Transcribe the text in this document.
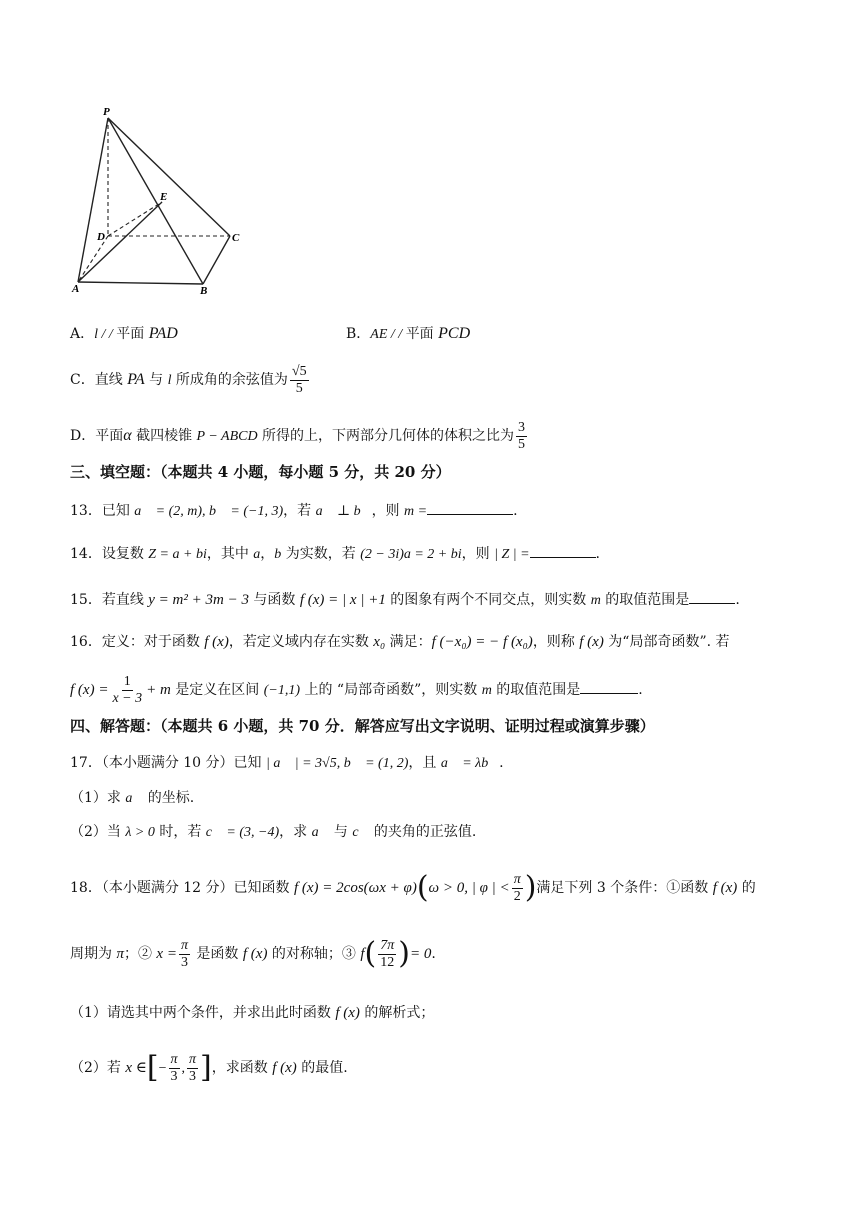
P
E
D	C
A	B
A．l / / 平面 PAD	B．AE / / 平面 PCD
C．直线 PA 与 l 所成角的余弦值为 $\frac{√5}{5}$
D．平面α 截四棱锥 P − ABCD 所得的上，下两部分几何体的体积之比为 $\frac{3}{5}$
三、填空题：（本题共 4 小题，每小题 5 分，共 20 分）
13．已知 a⃗ = (2, m), b⃗ = (−1, 3)，若 a⃗ ⊥ b⃗，则 m =	.
14．设复数 Z = a + bi，其中 a，b 为实数，若 (2 − 3i)a = 2 + bi，则 | Z | =	.
15．若直线 y = m² + 3m − 3 与函数 f (x) = | x | +1 的图象有两个不同交点，则实数 m 的取值范围是	.
16．定义：对于函数 f (x)，若定义域内存在实数 x₀ 满足：f (−x₀) = − f (x₀)，则称 f (x) 为“局部奇函数”. 若
f $(x) = \frac{1}{x - 3} + m$ 是定义在区间 (−1,1) 上的 “局部奇函数”，则实数 m 的取值范围是	.
四、解答题：（本题共 6 小题，共 70 分．解答应写出文字说明、证明过程或演算步骤）
17．（本小题满分 10 分）已知 | a⃗ | = 3√5, b⃗ = (1, 2)，且 a⃗ = λb⃗.
（1）求 a⃗ 的坐标.
（2）当 λ > 0 时，若 c⃗ = (3, −4)，求 a⃗ 与 c⃗ 的夹角的正弦值.
18．（本小题满分 12 分）已知函数 f (x) = 2cos(ωx + φ)(ω > 0, | φ | < $\frac{\pi}{2}$ )满足下列 3 个条件：①函数 f (x) 的
周期为 π；② $x = \frac{\pi}{3}$ 是函数 f (x) 的对称轴；③ $f( \frac{7\pi}{12}$ )= 0.
（1）请选其中两个条件，并求出此时函数 f (x) 的解析式；
（2）若 x ∈[− $\frac{\pi}{3}$ , $\frac{\pi}{3}$ ]，求函数 f (x) 的最值.
